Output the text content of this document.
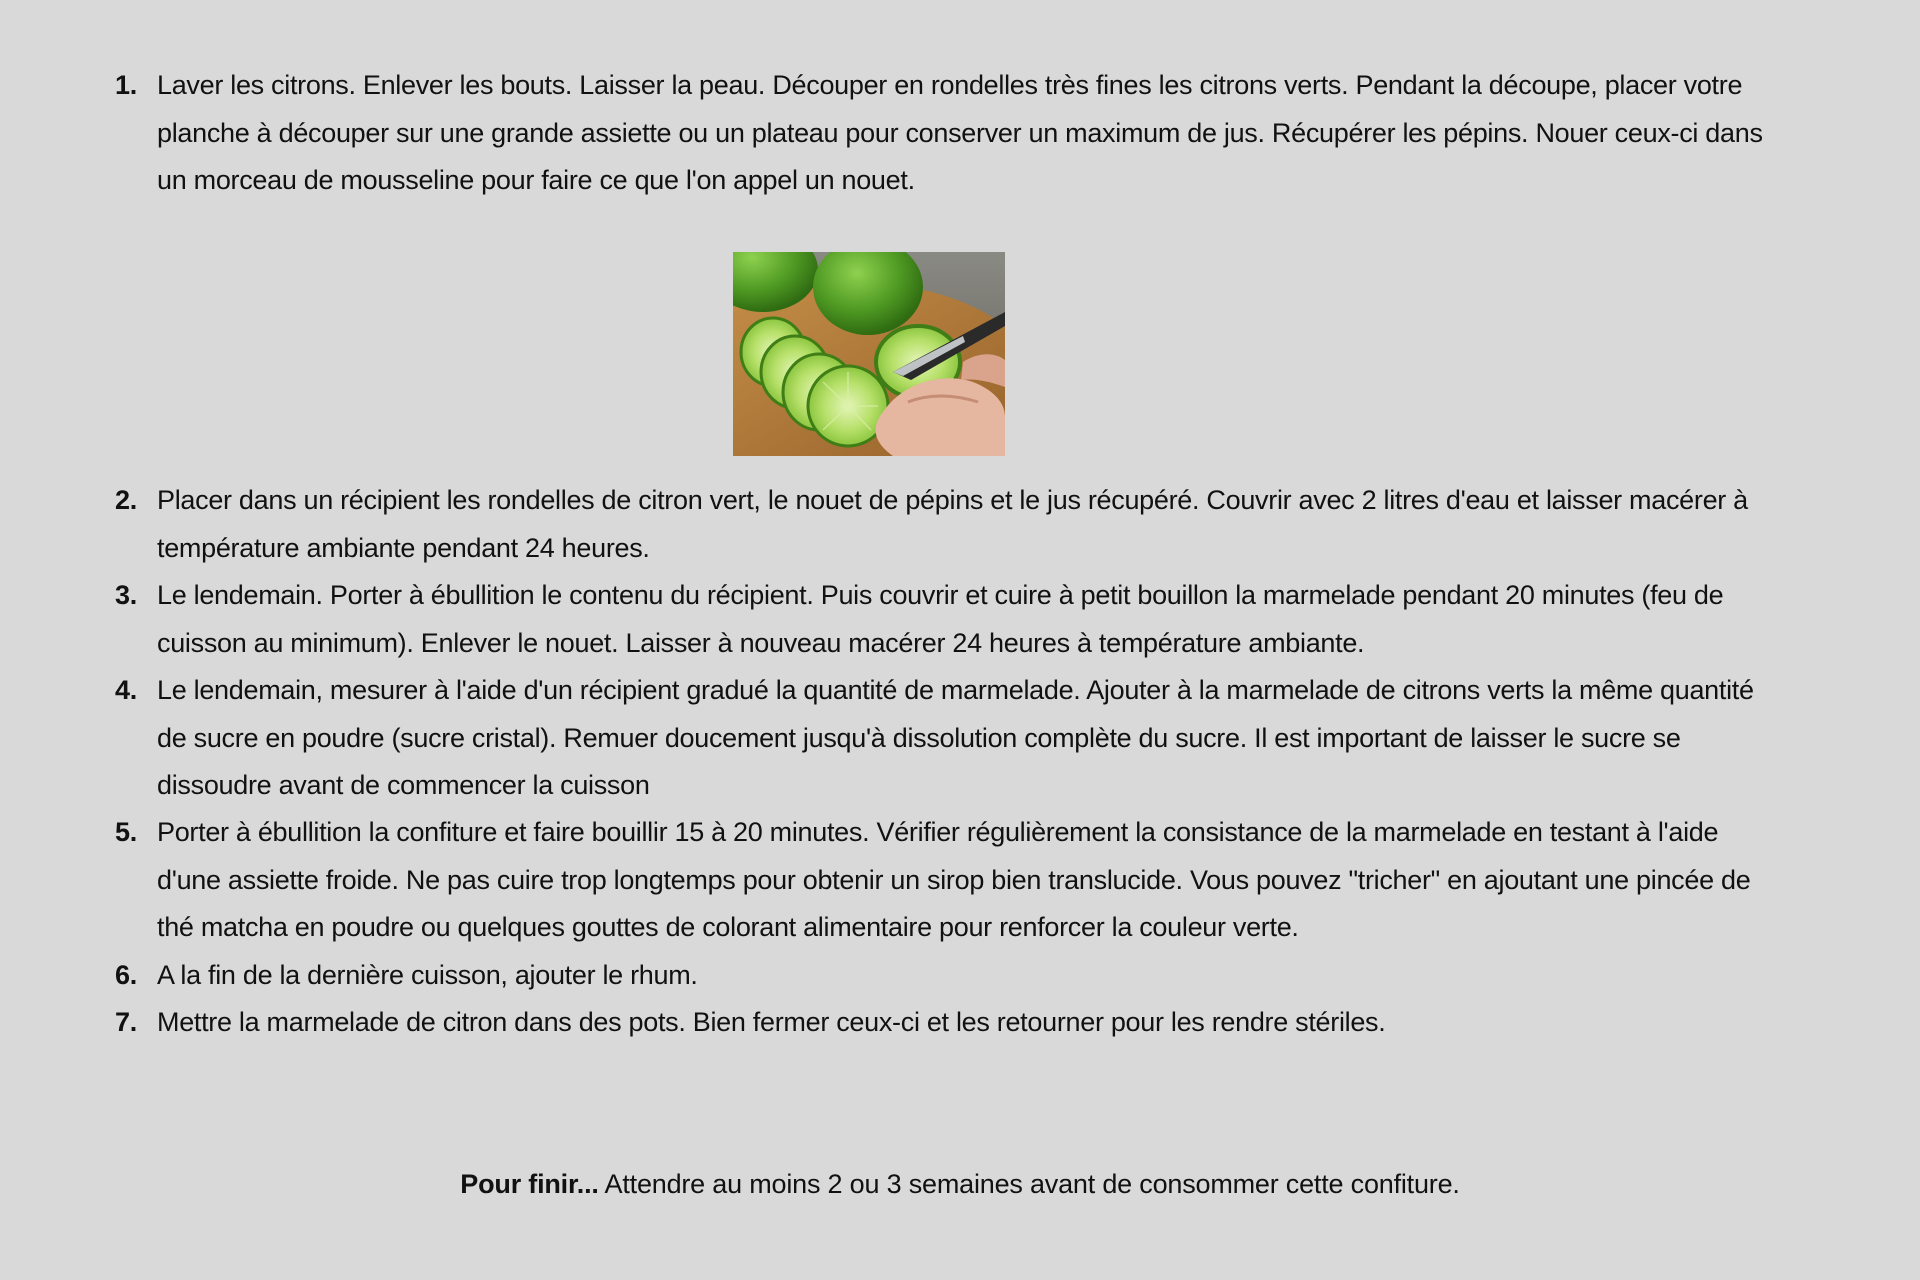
1. Laver les citrons. Enlever les bouts. Laisser la peau. Découper en rondelles très fines les citrons verts. Pendant la découpe, placer votre
planche à découper sur une grande assiette ou un plateau pour conserver un maximum de jus. Récupérer les pépins. Nouer ceux-ci dans
un morceau de mousseline pour faire ce que l'on appel un nouet.
2. Placer dans un récipient les rondelles de citron vert, le nouet de pépins et le jus récupéré. Couvrir avec 2 litres d'eau et laisser macérer à
température ambiante pendant 24 heures.
3. Le lendemain. Porter à ébullition le contenu du récipient. Puis couvrir et cuire à petit bouillon la marmelade pendant 20 minutes (feu de
cuisson au minimum). Enlever le nouet. Laisser à nouveau macérer 24 heures à température ambiante.
4. Le lendemain, mesurer à l'aide d'un récipient gradué la quantité de marmelade. Ajouter à la marmelade de citrons verts la même quantité
de sucre en poudre (sucre cristal). Remuer doucement jusqu'à dissolution complète du sucre. Il est important de laisser le sucre se
dissoudre avant de commencer la cuisson
5. Porter à ébullition la confiture et faire bouillir 15 à 20 minutes. Vérifier régulièrement la consistance de la marmelade en testant à l'aide
d'une assiette froide. Ne pas cuire trop longtemps pour obtenir un sirop bien translucide. Vous pouvez "tricher" en ajoutant une pincée de
thé matcha en poudre ou quelques gouttes de colorant alimentaire pour renforcer la couleur verte.
6. A la fin de la dernière cuisson, ajouter le rhum.
7. Mettre la marmelade de citron dans des pots. Bien fermer ceux-ci et les retourner pour les rendre stériles.
Pour finir... Attendre au moins 2 ou 3 semaines avant de consommer cette confiture.
